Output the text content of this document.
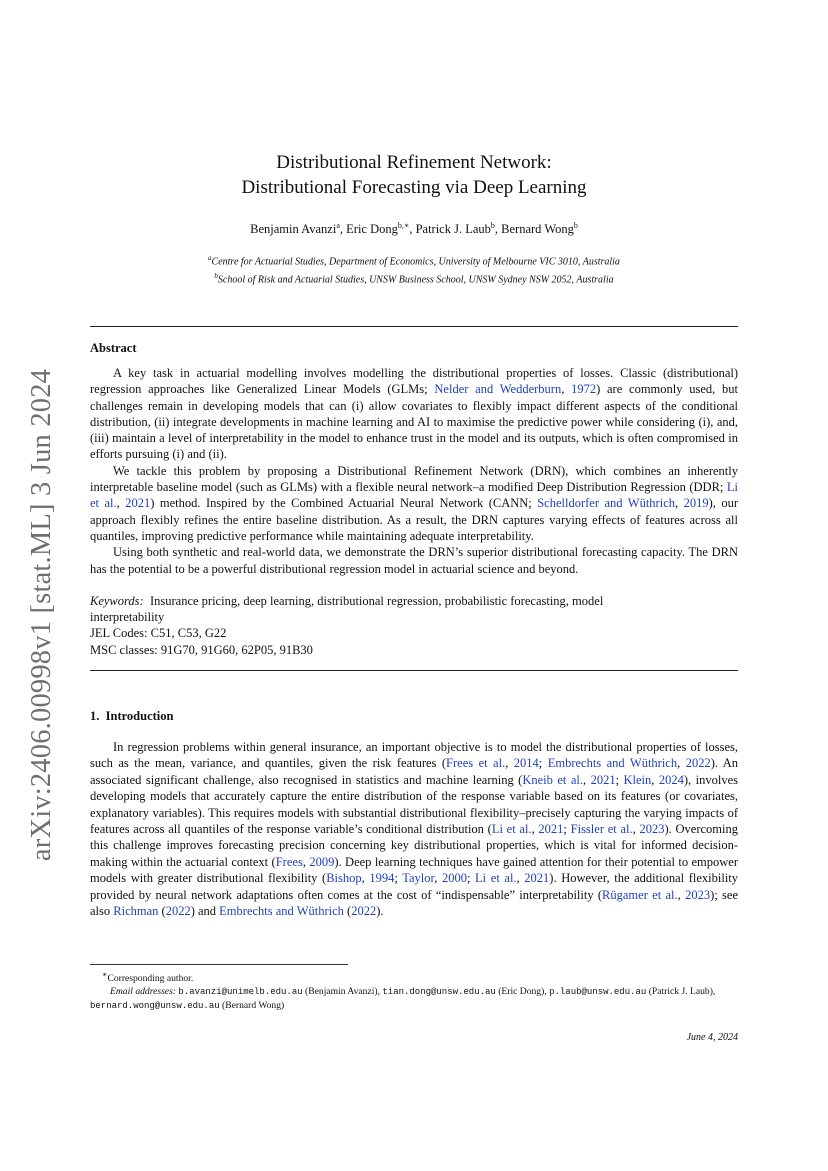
arXiv:2406.00998v1 [stat.ML] 3 Jun 2024
Distributional Refinement Network:
Distributional Forecasting via Deep Learning
Benjamin Avanzi$^a$, Eric Dong$^{b,∗}$, Patrick J. Laub$^b$, Bernard Wong$^b$
$^a$Centre for Actuarial Studies, Department of Economics, University of Melbourne VIC 3010, Australia
$^b$School of Risk and Actuarial Studies, UNSW Business School, UNSW Sydney NSW 2052, Australia
Abstract

A key task in actuarial modelling involves modelling the distributional properties of losses. Classic (distributional) regression approaches like Generalized Linear Models (GLMs; Nelder and Wedderburn, 1972) are commonly used, but challenges remain in developing models that can (i) allow covariates to flexibly impact different aspects of the conditional distribution, (ii) integrate developments in machine learning and AI to maximise the predictive power while considering (i), and, (iii) maintain a level of interpretability in the model to enhance trust in the model and its outputs, which is often compromised in efforts pursuing (i) and (ii).

We tackle this problem by proposing a Distributional Refinement Network (DRN), which combines an inherently interpretable baseline model (such as GLMs) with a flexible neural network–a modified Deep Distribution Regression (DDR; Li et al., 2021) method. Inspired by the Combined Actuarial Neural Network (CANN; Schelldorfer and Wüthrich, 2019), our approach flexibly refines the entire baseline distribution. As a result, the DRN captures varying effects of features across all quantiles, improving predictive performance while maintaining adequate interpretability.

Using both synthetic and real-world data, we demonstrate the DRN’s superior distributional forecasting capacity. The DRN has the potential to be a powerful distributional regression model in actuarial science and beyond.

Keywords: Insurance pricing, deep learning, distributional regression, probabilistic forecasting, model interpretability
JEL Codes: C51, C53, G22
MSC classes: 91G70, 91G60, 62P05, 91B30
1. Introduction

In regression problems within general insurance, an important objective is to model the distributional properties of losses, such as the mean, variance, and quantiles, given the risk features (Frees et al., 2014; Embrechts and Wüthrich, 2022). An associated significant challenge, also recognised in statistics and machine learning (Kneib et al., 2021; Klein, 2024), involves developing models that accurately capture the entire distribution of the response variable based on its features (or covariates, explanatory variables). This requires models with substantial distributional flexibility–precisely capturing the varying impacts of features across all quantiles of the response variable’s conditional distribution (Li et al., 2021; Fissler et al., 2023). Overcoming this challenge improves forecasting precision concerning key distributional properties, which is vital for informed decision-making within the actuarial context (Frees, 2009). Deep learning techniques have gained attention for their potential to empower models with greater distributional flexibility (Bishop, 1994; Taylor, 2000; Li et al., 2021). However, the additional flexibility provided by neural network adaptations often comes at the cost of “indispensable” interpretability (Rügamer et al., 2023); see also Richman (2022) and Embrechts and Wüthrich (2022).

∗Corresponding author.
Email addresses: b.avanzi@unimelb.edu.au (Benjamin Avanzi), tian.dong@unsw.edu.au (Eric Dong), p.laub@unsw.edu.au (Patrick J. Laub), bernard.wong@unsw.edu.au (Bernard Wong)
June 4, 2024
